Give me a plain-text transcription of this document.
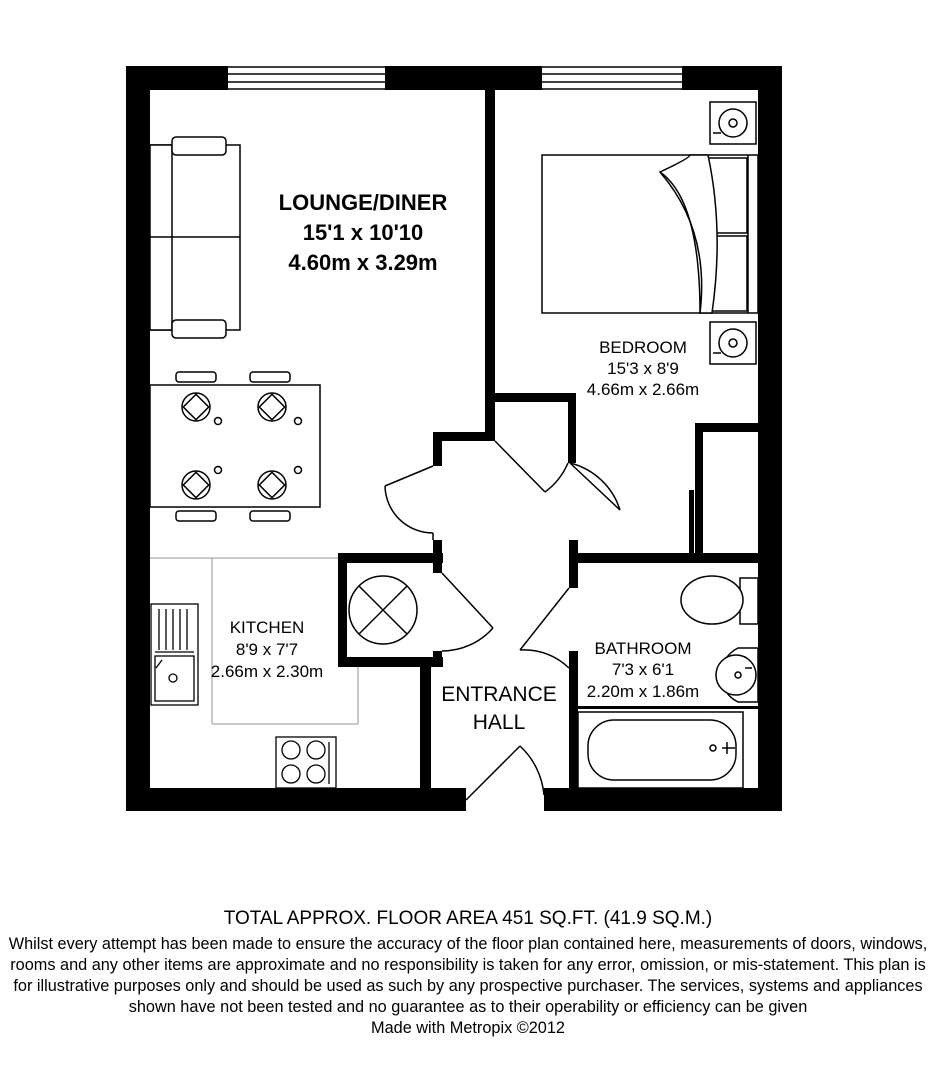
LOUNGE/DINER
15'1 x 10'10
4.60m x 3.29m
BEDROOM
15'3 x 8'9
4.66m x 2.66m
KITCHEN
8'9 x 7'7
2.66m x 2.30m
BATHROOM
7'3 x 6'1
2.20m x 1.86m
ENTRANCE
HALL

TOTAL APPROX. FLOOR AREA 451 SQ.FT. (41.9 SQ.M.)

Whilst every attempt has been made to ensure the accuracy of the floor plan contained here, measurements of doors, windows, rooms and any other items are approximate and no responsibility is taken for any error, omission, or mis-statement. This plan is for illustrative purposes only and should be used as such by any prospective purchaser. The services, systems and appliances shown have not been tested and no guarantee as to their operability or efficiency can be given

Made with Metropix ©2012
